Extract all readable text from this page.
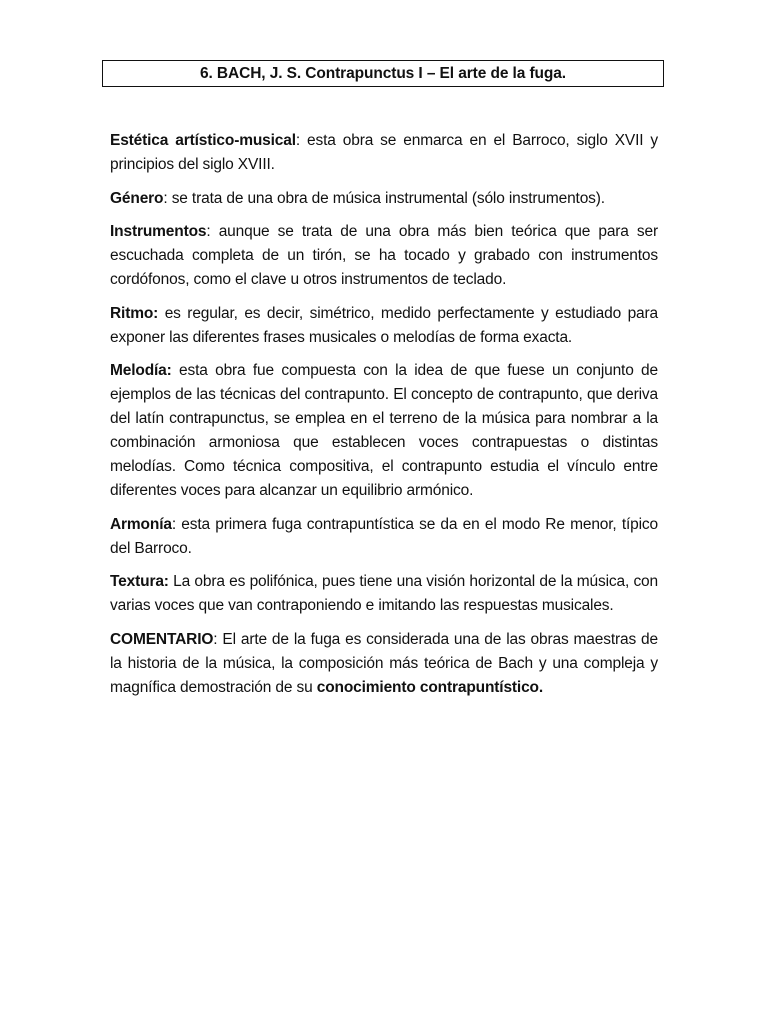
6. BACH, J. S. Contrapunctus I – El arte de la fuga.

Estética artístico-musical: esta obra se enmarca en el Barroco, siglo XVII y principios del siglo XVIII.

Género: se trata de una obra de música instrumental (sólo instrumentos).

Instrumentos: aunque se trata de una obra más bien teórica que para ser escuchada completa de un tirón, se ha tocado y grabado con instrumentos cordófonos, como el clave u otros instrumentos de teclado.

Ritmo: es regular, es decir, simétrico, medido perfectamente y estudiado para exponer las diferentes frases musicales o melodías de forma exacta.

Melodía: esta obra fue compuesta con la idea de que fuese un conjunto de ejemplos de las técnicas del contrapunto. El concepto de contrapunto, que deriva del latín contrapunctus, se emplea en el terreno de la música para nombrar a la combinación armoniosa que establecen voces contrapuestas o distintas melodías. Como técnica compositiva, el contrapunto estudia el vínculo entre diferentes voces para alcanzar un equilibrio armónico.

Armonía: esta primera fuga contrapuntística se da en el modo Re menor, típico del Barroco.

Textura: La obra es polifónica, pues tiene una visión horizontal de la música, con varias voces que van contraponiendo e imitando las respuestas musicales.

COMENTARIO: El arte de la fuga es considerada una de las obras maestras de la historia de la música, la composición más teórica de Bach y una compleja y magnífica demostración de su conocimiento contrapuntístico.
